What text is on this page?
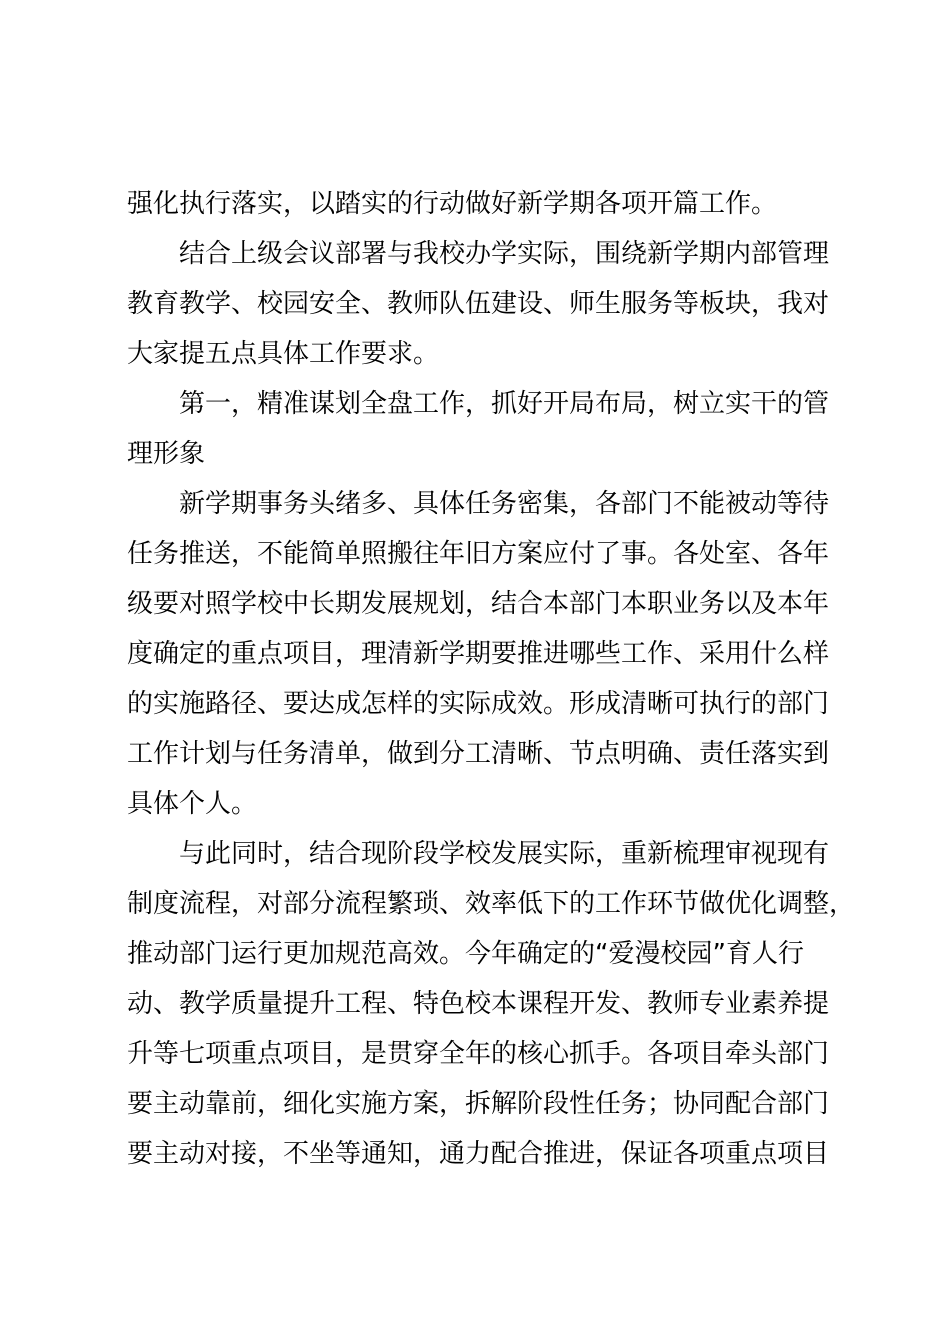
强化执行落实，以踏实的行动做好新学期各项开篇工作。
结合上级会议部署与我校办学实际，围绕新学期内部管理
教育教学、校园安全、教师队伍建设、师生服务等板块，我对
大家提五点具体工作要求。
第一，精准谋划全盘工作，抓好开局布局，树立实干的管
理形象
新学期事务头绪多、具体任务密集，各部门不能被动等待
任务推送，不能简单照搬往年旧方案应付了事。各处室、各年
级要对照学校中长期发展规划，结合本部门本职业务以及本年
度确定的重点项目，理清新学期要推进哪些工作、采用什么样
的实施路径、要达成怎样的实际成效。形成清晰可执行的部门
工作计划与任务清单，做到分工清晰、节点明确、责任落实到
具体个人。
与此同时，结合现阶段学校发展实际，重新梳理审视现有
制度流程，对部分流程繁琐、效率低下的工作环节做优化调整，
推动部门运行更加规范高效。今年确定的“爱漫校园”育人行
动、教学质量提升工程、特色校本课程开发、教师专业素养提
升等七项重点项目，是贯穿全年的核心抓手。各项目牵头部门
要主动靠前，细化实施方案，拆解阶段性任务；协同配合部门
要主动对接，不坐等通知，通力配合推进，保证各项重点项目
